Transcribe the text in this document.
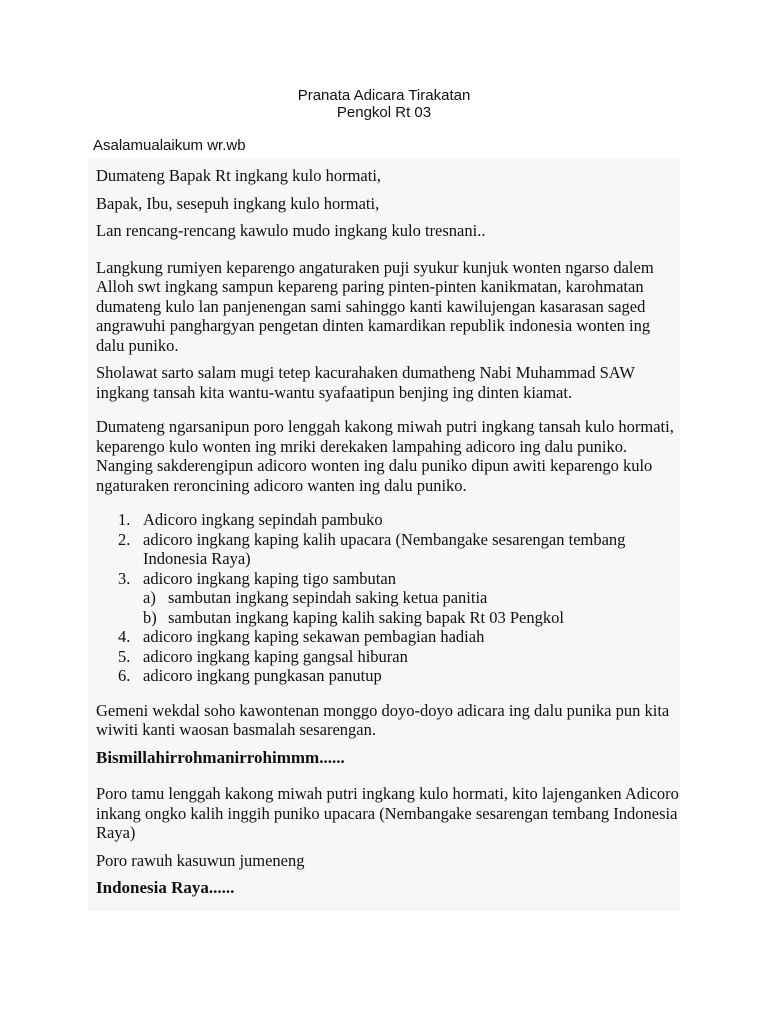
Pranata Adicara Tirakatan
Pengkol Rt 03
Asalamualaikum wr.wb

Dumateng Bapak Rt ingkang kulo hormati,

Bapak, Ibu, sesepuh ingkang kulo hormati,

Lan rencang-rencang kawulo mudo ingkang kulo tresnani..

Langkung rumiyen keparengo angaturaken puji syukur kunjuk wonten ngarso dalem Alloh swt ingkang sampun kepareng paring pinten-pinten kanikmatan, karohmatan dumateng kulo lan panjenengan sami sahinggo kanti kawilujengan kasarasan saged angrawuhi panghargyan pengetan dinten kamardikan republik indonesia wonten ing dalu puniko.

Sholawat sarto salam mugi tetep kacurahaken dumatheng Nabi Muhammad SAW ingkang tansah kita wantu-wantu syafaatipun benjing ing dinten kiamat.

Dumateng ngarsanipun poro lenggah kakong miwah putri ingkang tansah kulo hormati, keparengo kulo wonten ing mriki derekaken lampahing adicoro ing dalu puniko. Nanging sakderengipun adicoro wonten ing dalu puniko dipun awiti keparengo kulo ngaturaken reroncining adicoro wanten ing dalu puniko.

1. Adicoro ingkang sepindah pambuko
2. adicoro ingkang kaping kalih upacara (Nembangake sesarengan tembang Indonesia Raya)
3. adicoro ingkang kaping tigo sambutan
a) sambutan ingkang sepindah saking ketua panitia
b) sambutan ingkang kaping kalih saking bapak Rt 03 Pengkol
4. adicoro ingkang kaping sekawan pembagian hadiah
5. adicoro ingkang kaping gangsal hiburan
6. adicoro ingkang pungkasan panutup

Gemeni wekdal soho kawontenan monggo doyo-doyo adicara ing dalu punika pun kita wiwiti kanti waosan basmalah sesarengan.

Bismillahirrohmanirrohimmm......

Poro tamu lenggah kakong miwah putri ingkang kulo hormati, kito lajenganken Adicoro inkang ongko kalih inggih puniko upacara (Nembangake sesarengan tembang Indonesia Raya)

Poro rawuh kasuwun jumeneng

Indonesia Raya......
